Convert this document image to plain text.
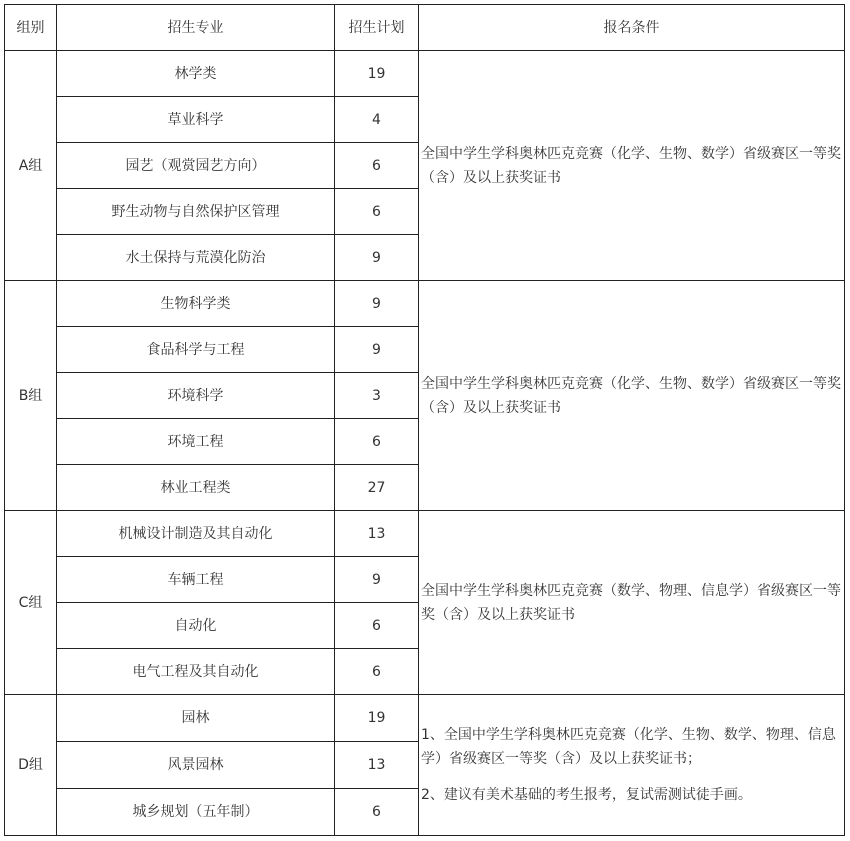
组别	招生专业	招生计划	报名条件
A组	林学类	19	全国中学生学科奥林匹克竞赛（化学、生物、数学）省级赛区一等奖（含）及以上获奖证书
	草业科学	4	
	园艺（观赏园艺方向）	6	
	野生动物与自然保护区管理	6	
	水土保持与荒漠化防治	9	
B组	生物科学类	9	全国中学生学科奥林匹克竞赛（化学、生物、数学）省级赛区一等奖（含）及以上获奖证书
	食品科学与工程	9	
	环境科学	3	
	环境工程	6	
	林业工程类	27	
C组	机械设计制造及其自动化	13	全国中学生学科奥林匹克竞赛（数学、物理、信息学）省级赛区一等奖（含）及以上获奖证书
	车辆工程	9	
	自动化	6	
	电气工程及其自动化	6	
D组	园林	19	1、全国中学生学科奥林匹克竞赛（化学、生物、数学、物理、信息学）省级赛区一等奖（含）及以上获奖证书；

2、建议有美术基础的考生报考，复试需测试徒手画。

	风景园林	13	
	城乡规划（五年制）	6	
